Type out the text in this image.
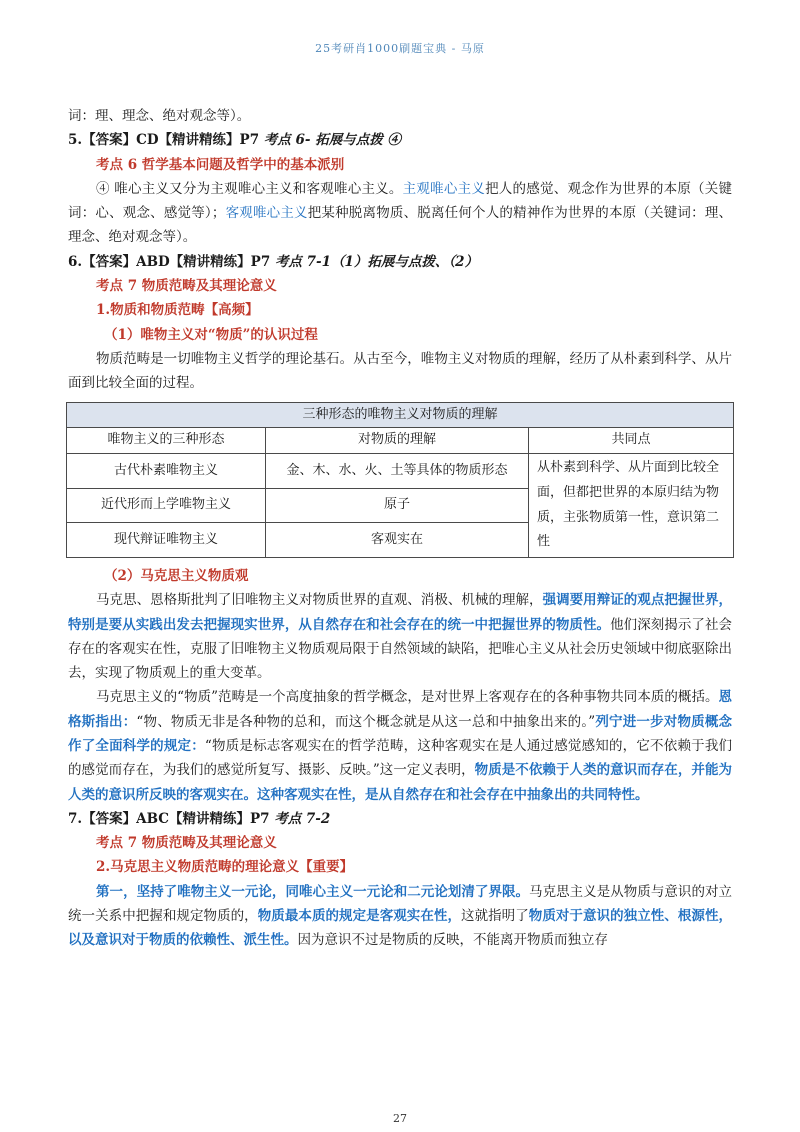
25考研肖1000刷题宝典 - 马原

词：理、理念、绝对观念等）。

5.【答案】CD【精讲精练】P7 考点 6- 拓展与点拨 ④

考点 6 哲学基本问题及哲学中的基本派别

④ 唯心主义又分为主观唯心主义和客观唯心主义。主观唯心主义把人的感觉、观念作为世界的本原（关键词：心、观念、感觉等）；客观唯心主义把某种脱离物质、脱离任何个人的精神作为世界的本原（关键词：理、理念、绝对观念等）。

6.【答案】ABD【精讲精练】P7 考点 7-1（1）拓展与点拨、（2）

考点 7 物质范畴及其理论意义

1.物质和物质范畴【高频】

（1）唯物主义对“物质”的认识过程

物质范畴是一切唯物主义哲学的理论基石。从古至今，唯物主义对物质的理解，经历了从朴素到科学、从片面到比较全面的过程。

三种形态的唯物主义对物质的理解		
唯物主义的三种形态	对物质的理解	共同点
古代朴素唯物主义	金、木、水、火、土等具体的物质形态	从朴素到科学、从片面到比较全面，但都把世界的本原归结为物质，主张物质第一性，意识第二性
近代形而上学唯物主义	原子	
现代辩证唯物主义	客观实在	

（2）马克思主义物质观

马克思、恩格斯批判了旧唯物主义对物质世界的直观、消极、机械的理解，强调要用辩证的观点把握世界，特别是要从实践出发去把握现实世界，从自然存在和社会存在的统一中把握世界的物质性。他们深刻揭示了社会存在的客观实在性，克服了旧唯物主义物质观局限于自然领域的缺陷，把唯心主义从社会历史领域中彻底驱除出去，实现了物质观上的重大变革。

马克思主义的“物质”范畴是一个高度抽象的哲学概念，是对世界上客观存在的各种事物共同本质的概括。恩格斯指出：“物、物质无非是各种物的总和，而这个概念就是从这一总和中抽象出来的。”列宁进一步对物质概念作了全面科学的规定：“物质是标志客观实在的哲学范畴，这种客观实在是人通过感觉感知的，它不依赖于我们的感觉而存在，为我们的感觉所复写、摄影、反映。”这一定义表明，物质是不依赖于人类的意识而存在，并能为人类的意识所反映的客观实在。这种客观实在性，是从自然存在和社会存在中抽象出的共同特性。

7.【答案】ABC【精讲精练】P7 考点 7-2

考点 7 物质范畴及其理论意义

2.马克思主义物质范畴的理论意义【重要】

第一，坚持了唯物主义一元论，同唯心主义一元论和二元论划清了界限。马克思主义是从物质与意识的对立统一关系中把握和规定物质的，物质最本质的规定是客观实在性，这就指明了物质对于意识的独立性、根源性，以及意识对于物质的依赖性、派生性。因为意识不过是物质的反映，不能离开物质而独立存

27
